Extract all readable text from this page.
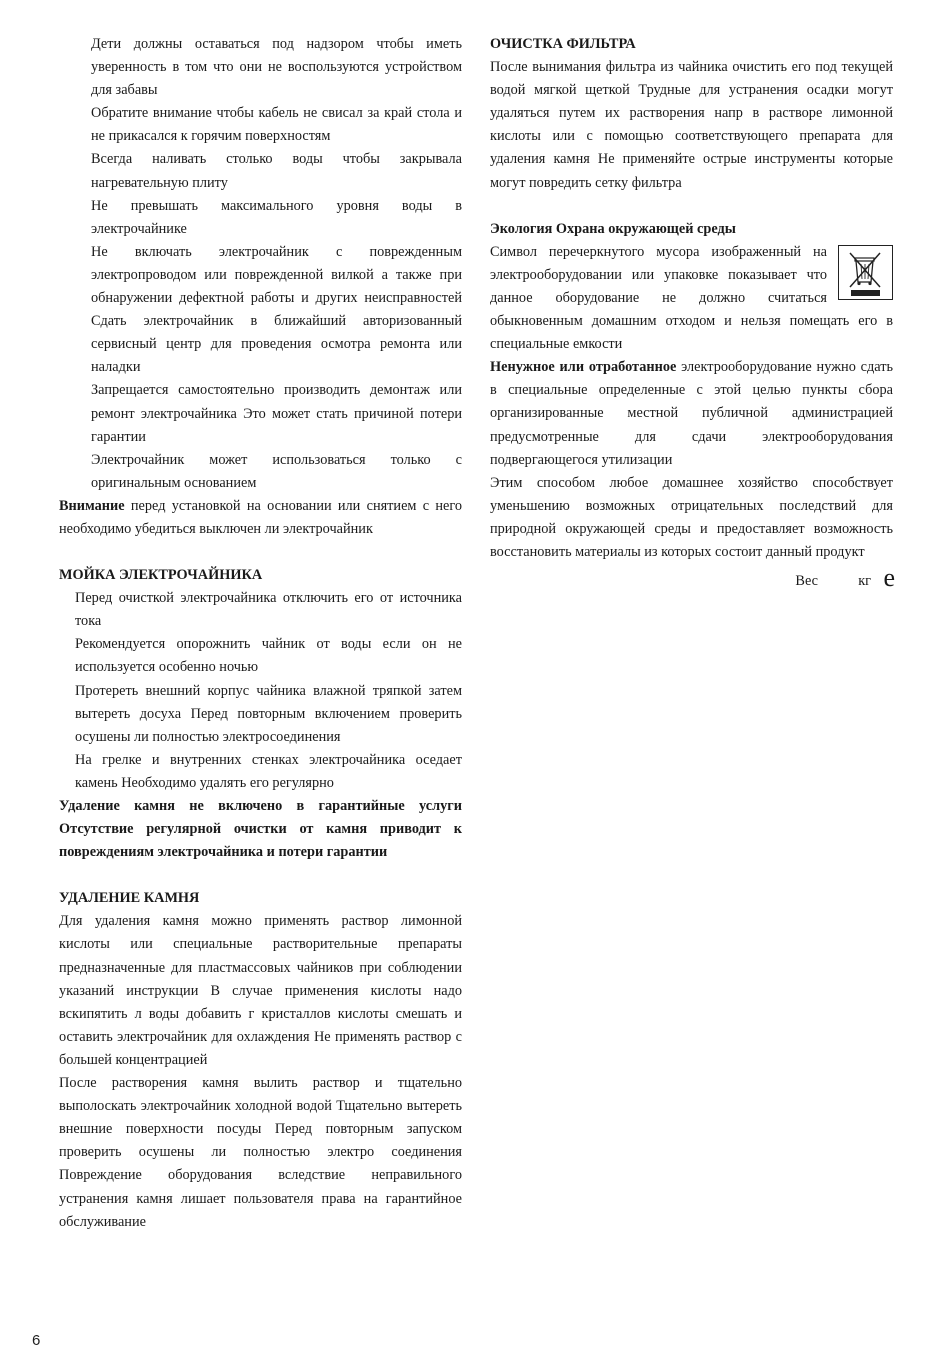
Дети должны оставаться под надзором чтобы иметь уверенность в том что они не воспользуются устройством для забавы

Обратите внимание чтобы кабель не свисал за край стола и не прикасался к горячим поверхностям

Всегда наливать столько воды чтобы закрывала нагревательную плиту

Не превышать максимального уровня воды в электрочайнике

Не включать электрочайник с поврежденным электропроводом или поврежденной вилкой а также при обнаружении дефектной работы и других неисправностей Сдать электрочайник в ближайший авторизованный сервисный центр для проведения осмотра ремонта или наладки

Запрещается самостоятельно производить демонтаж или ремонт электрочайника Это может стать причиной потери гарантии

Электрочайник может использоваться только с оригинальным основанием

Внимание перед установкой на основании или снятием с него необходимо убедиться выключен ли электрочайник

МОЙКА ЭЛЕКТРОЧАЙНИКА

Перед очисткой электрочайника отключить его от источника тока

Рекомендуется опорожнить чайник от воды если он не используется особенно ночью

Протереть внешний корпус чайника влажной тряпкой затем вытереть досуха Перед повторным включением проверить осушены ли полностью электросоединения

На грелке и внутренних стенках электрочайника оседает камень Необходимо удалять его регулярно

Удаление камня не включено в гарантийные услуги Отсутствие регулярной очистки от камня приводит к повреждениям электрочайника и потери гарантии

УДАЛЕНИЕ КАМНЯ

Для удаления камня можно применять раствор лимонной кислоты или специальные растворительные препараты предназначенные для пластмассовых чайников при соблюдении указаний инструкции В случае применения кислоты надо вскипятить л воды добавить г кристаллов кислоты смешать и оставить электрочайник для охлаждения Не применять раствор с большей концентрацией

После растворения камня вылить раствор и тщательно выполоскать электрочайник холодной водой Тщательно вытереть внешние поверхности посуды Перед повторным запуском проверить осушены ли полностью электро соединения Повреждение оборудования вследствие неправильного устранения камня лишает пользователя права на гарантийное обслуживание

ОЧИСТКА ФИЛЬТРА

После вынимания фильтра из чайника очистить его под текущей водой мягкой щеткой Трудные для устранения осадки могут удаляться путем их растворения напр в растворе лимонной кислоты или с помощью соответствующего препарата для удаления камня Не применяйте острые инструменты которые могут повредить сетку фильтра

Экология Охрана окружающей среды

Символ перечеркнутого мусора изображенный на электрооборудовании или упаковке показывает что данное оборудование не должно считаться обыкновенным домашним отходом и нельзя помещать его в специальные емкости

Ненужное или отработанное электрооборудование нужно сдать в специальные определенные с этой целью пункты сбора организированные местной публичной администрацией предусмотренные для сдачи электрооборудования подвергающегося утилизации

Этим способом любое домашнее хозяйство способствует уменьшению возможных отрицательных последствий для природной окружающей среды и предоставляет возможность восстановить материалы из которых состоит данный продукт

Вес	кг e
6
